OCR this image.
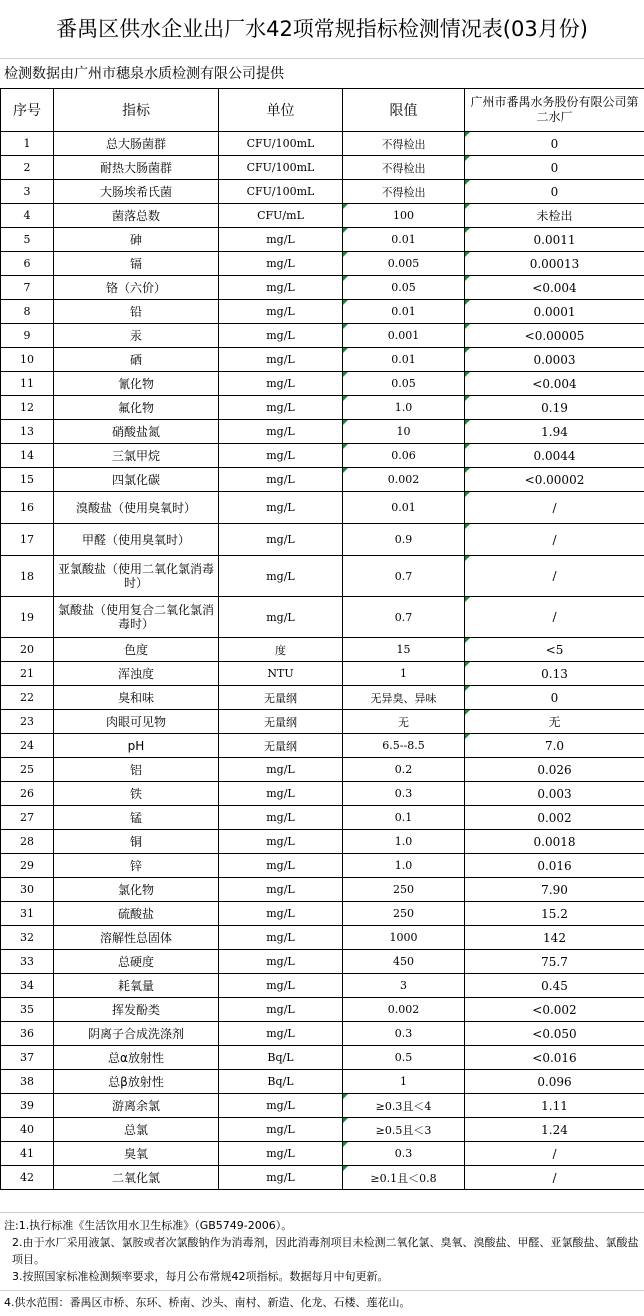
番禺区供水企业出厂水42项常规指标检测情况表(03月份)
检测数据由广州市穗泉水质检测有限公司提供
序号	指标	单位	限值	广州市番禺水务股份有限公司第二水厂
1	总大肠菌群	CFU/100mL	不得检出	0
2	耐热大肠菌群	CFU/100mL	不得检出	0
3	大肠埃希氏菌	CFU/100mL	不得检出	0
4	菌落总数	CFU/mL	100	未检出
5	砷	mg/L	0.01	0.0011
6	镉	mg/L	0.005	0.00013
7	铬（六价）	mg/L	0.05	<0.004
8	铅	mg/L	0.01	0.0001
9	汞	mg/L	0.001	<0.00005
10	硒	mg/L	0.01	0.0003
11	氰化物	mg/L	0.05	<0.004
12	氟化物	mg/L	1.0	0.19
13	硝酸盐氮	mg/L	10	1.94
14	三氯甲烷	mg/L	0.06	0.0044
15	四氯化碳	mg/L	0.002	<0.00002
16	溴酸盐（使用臭氧时）	mg/L	0.01	/
17	甲醛（使用臭氧时）	mg/L	0.9	/
18	亚氯酸盐（使用二氧化氯消毒时）	mg/L	0.7	/
19	氯酸盐（使用复合二氧化氯消毒时）	mg/L	0.7	/
20	色度	度	15	<5
21	浑浊度	NTU	1	0.13
22	臭和味	无量纲	无异臭、异味	0
23	肉眼可见物	无量纲	无	无
24	pH	无量纲	6.5--8.5	7.0
25	铝	mg/L	0.2	0.026
26	铁	mg/L	0.3	0.003
27	锰	mg/L	0.1	0.002
28	铜	mg/L	1.0	0.0018
29	锌	mg/L	1.0	0.016
30	氯化物	mg/L	250	7.90
31	硫酸盐	mg/L	250	15.2
32	溶解性总固体	mg/L	1000	142
33	总硬度	mg/L	450	75.7
34	耗氧量	mg/L	3	0.45
35	挥发酚类	mg/L	0.002	<0.002
36	阴离子合成洗涤剂	mg/L	0.3	<0.050
37	总α放射性	Bq/L	0.5	<0.016
38	总β放射性	Bq/L	1	0.096
39	游离余氯	mg/L	≥0.3且＜4	1.11
40	总氯	mg/L	≥0.5且＜3	1.24
41	臭氧	mg/L	0.3	/
42	二氧化氯	mg/L	≥0.1且＜0.8	/
注:1.执行标准《生活饮用水卫生标准》（GB5749-2006）。
2.由于水厂采用液氯、氯胺或者次氯酸钠作为消毒剂，因此消毒剂项目未检测二氧化氯、臭氧、溴酸盐、甲醛、亚氯酸盐、氯酸盐项目。
3.按照国家标准检测频率要求，每月公布常规42项指标。数据每月中旬更新。
4.供水范围：番禺区市桥、东环、桥南、沙头、南村、新造、化龙、石楼、莲花山。
